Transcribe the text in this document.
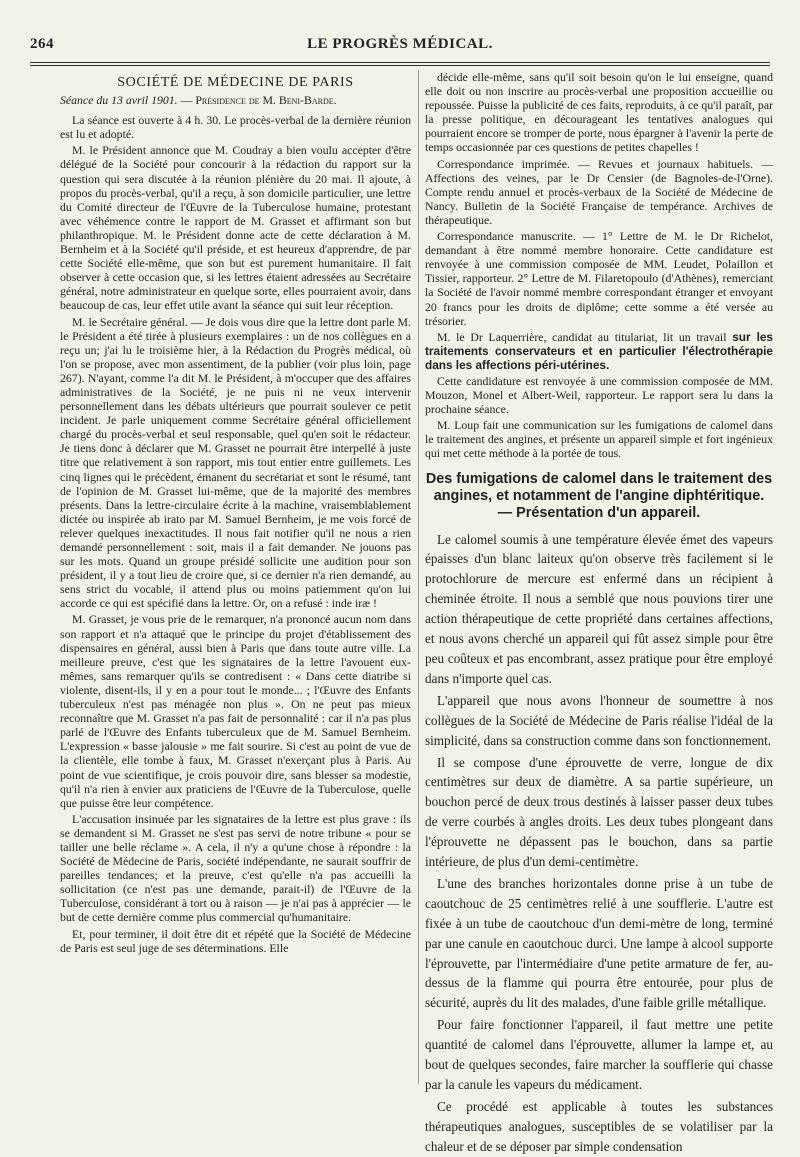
264	LE PROGRÈS MÉDICAL.

SOCIÉTÉ DE MÉDECINE DE PARIS

Séance du 13 avril 1901. — Présidence de M. Beni-Barde.

La séance est ouverte à 4 h. 30. Le procès-verbal de la dernière réunion est lu et adopté.

M. le Président annonce que M. Coudray a bien voulu accepter d'être délégué de la Société pour concourir à la rédaction du rapport sur la question qui sera discutée à la réunion plénière du 20 mai. Il ajoute, à propos du procès-verbal, qu'il a reçu, à son domicile particulier, une lettre du Comité directeur de l'Œuvre de la Tuberculose humaine, protestant avec véhémence contre le rapport de M. Grasset et affirmant son but philanthropique. M. le Président donne acte de cette déclaration à M. Bernheim et à la Société qu'il préside, et est heureux d'apprendre, de par cette Société elle-même, que son but est purement humanitaire. Il fait observer à cette occasion que, si les lettres étaient adressées au Secrétaire général, notre administrateur en quelque sorte, elles pourraient avoir, dans beaucoup de cas, leur effet utile avant la séance qui suit leur réception.

M. le Secrétaire général. — Je dois vous dire que la lettre dont parle M. le Président a été tirée à plusieurs exemplaires : un de nos collègues en a reçu un; j'ai lu le troisième hier, à la Rédaction du Progrès médical, où l'on se propose, avec mon assentiment, de la publier (voir plus loin, page 267). N'ayant, comme l'a dit M. le Président, à m'occuper que des affaires administratives de la Société, je ne puis ni ne veux intervenir personnellement dans les débats ultérieurs que pourrait soulever ce petit incident. Je parle uniquement comme Secrétaire général officiellement chargé du procès-verbal et seul responsable, quel qu'en soit le rédacteur. Je tiens donc à déclarer que M. Grasset ne pourrait être interpellé à juste titre que relativement à son rapport, mis tout entier entre guillemets. Les cinq lignes qui le précèdent, émanent du secrétariat et sont le résumé, tant de l'opinion de M. Grasset lui-même, que de la majorité des membres présents. Dans la lettre-circulaire écrite à la machine, vraisemblablement dictée ou inspirée ab irato par M. Samuel Bernheim, je me vois forcé de relever quelques inexactitudes. Il nous fait notifier qu'il ne nous a rien demandé personnellement : soit, mais il a fait demander. Ne jouons pas sur les mots. Quand un groupe présidé sollicite une audition pour son président, il y a tout lieu de croire que, si ce dernier n'a rien demandé, au sens strict du vocable, il attend plus ou moins patiemment qu'on lui accorde ce qui est spécifié dans la lettre. Or, on a refusé : inde iræ !

M. Grasset, je vous prie de le remarquer, n'a prononcé aucun nom dans son rapport et n'a attaqué que le principe du projet d'établissement des dispensaires en général, aussi bien à Paris que dans toute autre ville. La meilleure preuve, c'est que les signataires de la lettre l'avouent eux-mêmes, sans remarquer qu'ils se contredisent : « Dans cette diatribe si violente, disent-ils, il y en a pour tout le monde... ; l'Œuvre des Enfants tuberculeux n'est pas ménagée non plus ». On ne peut pas mieux reconnaître que M. Grasset n'a pas fait de personnalité : car il n'a pas plus parlé de l'Œuvre des Enfants tuberculeux que de M. Samuel Bernheim. L'expression « basse jalousie » me fait sourire. Si c'est au point de vue de la clientèle, elle tombe à faux, M. Grasset n'exerçant plus à Paris. Au point de vue scientifique, je crois pouvoir dire, sans blesser sa modestie, qu'il n'a rien à envier aux praticiens de l'Œuvre de la Tuberculose, quelle que puisse être leur compétence.

L'accusation insinuée par les signataires de la lettre est plus grave : ils se demandent si M. Grasset ne s'est pas servi de notre tribune « pour se tailler une belle réclame ». A cela, il n'y a qu'une chose à répondre : la Société de Médecine de Paris, société indépendante, ne saurait souffrir de pareilles tendances; et la preuve, c'est qu'elle n'a pas accueilli la sollicitation (ce n'est pas une demande, parait-il) de l'Œuvre de la Tuberculose, considérant à tort ou à raison — je n'ai pas à apprécier — le but de cette dernière comme plus commercial qu'humanitaire.

Et, pour terminer, il doit être dit et répété que la Société de Médecine de Paris est seul juge de ses déterminations. Elle

décide elle-même, sans qu'il soit besoin qu'on le lui enseigne, quand elle doit ou non inscrire au procès-verbal une proposition accueillie ou repoussée. Puisse la publicité de ces faits, reproduits, à ce qu'il paraît, par la presse politique, en décourageant les tentatives analogues qui pourraient encore se tromper de porte, nous épargner à l'avenir la perte de temps occasionnée par ces questions de petites chapelles !

Correspondance imprimée. — Revues et journaux habituels. — Affections des veines, par le Dr Censier (de Bagnoles-de-l'Orne). Compte rendu annuel et procès-verbaux de la Société de Médecine de Nancy. Bulletin de la Société Française de tempérance. Archives de thérapeutique.

Correspondance manuscrite. — 1° Lettre de M. le Dr Richelot, demandant à être nommé membre honoraire. Cette candidature est renvoyée à une commission composée de MM. Leudet, Polaillon et Tissier, rapporteur. 2° Lettre de M. Filaretopoulo (d'Athènes), remerciant la Société de l'avoir nommé membre correspondant étranger et envoyant 20 francs pour les droits de diplôme; cette somme a été versée au trésorier.

M. le Dr Laquerrière, candidat au titulariat, lit un travail sur les traitements conservateurs et en particulier l'électrothérapie dans les affections péri-utérines.

Cette candidature est renvoyée à une commission composée de MM. Mouzon, Monel et Albert-Weil, rapporteur. Le rapport sera lu dans la prochaine séance.

M. Loup fait une communication sur les fumigations de calomel dans le traitement des angines, et présente un appareil simple et fort ingénieux qui met cette méthode à la portée de tous.

Des fumigations de calomel dans le traitement des angines, et notamment de l'angine diphtéritique. — Présentation d'un appareil.

Le calomel soumis à une température élevée émet des vapeurs épaisses d'un blanc laiteux qu'on observe très facilement si le protochlorure de mercure est enfermé dans un récipient à cheminée étroite. Il nous a semblé que nous pouvions tirer une action thérapeutique de cette propriété dans certaines affections, et nous avons cherché un appareil qui fût assez simple pour être peu coûteux et pas encombrant, assez pratique pour être employé dans n'importe quel cas.

L'appareil que nous avons l'honneur de soumettre à nos collègues de la Société de Médecine de Paris réalise l'idéal de la simplicité, dans sa construction comme dans son fonctionnement.

Il se compose d'une éprouvette de verre, longue de dix centimètres sur deux de diamètre. A sa partie supérieure, un bouchon percé de deux trous destinés à laisser passer deux tubes de verre courbés à angles droits. Les deux tubes plongeant dans l'éprouvette ne dépassent pas le bouchon, dans sa partie intérieure, de plus d'un demi-centimètre.

L'une des branches horizontales donne prise à un tube de caoutchouc de 25 centimètres relié à une soufflerie. L'autre est fixée à un tube de caoutchouc d'un demi-mètre de long, terminé par une canule en caoutchouc durci. Une lampe à alcool supporte l'éprouvette, par l'intermédiaire d'une petite armature de fer, au-dessus de la flamme qui pourra être entourée, pour plus de sécurité, auprès du lit des malades, d'une faible grille métallique.

Pour faire fonctionner l'appareil, il faut mettre une petite quantité de calomel dans l'éprouvette, allumer la lampe et, au bout de quelques secondes, faire marcher la soufflerie qui chasse par la canule les vapeurs du médicament.

Ce procédé est applicable à toutes les substances thérapeutiques analogues, susceptibles de se volatiliser par la chaleur et de se déposer par simple condensation
